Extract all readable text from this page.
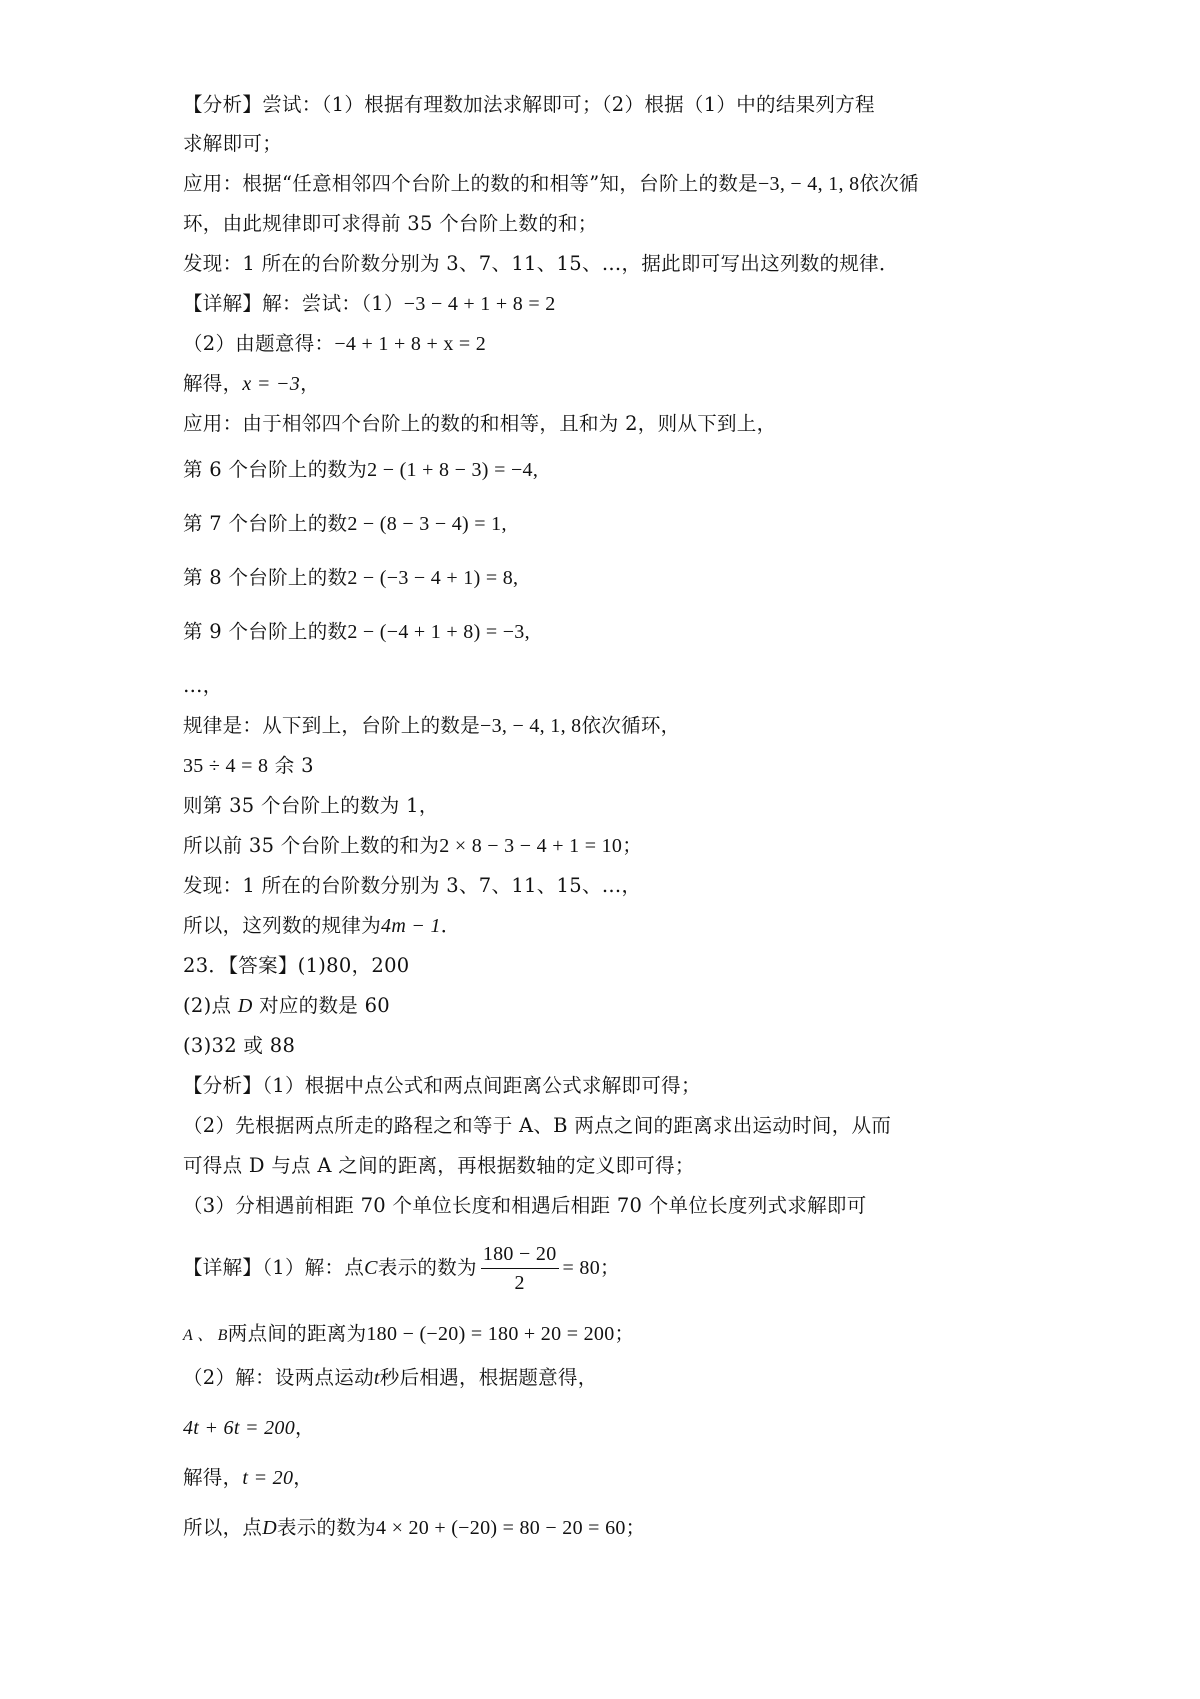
【分析】尝试：（1）根据有理数加法求解即可；（2）根据（1）中的结果列方程
求解即可；
应用：根据“任意相邻四个台阶上的数的和相等”知，台阶上的数是−3, − 4, 1, 8依次循
环，由此规律即可求得前 35 个台阶上数的和；
发现：1 所在的台阶数分别为 3、7、11、15、…，据此即可写出这列数的规律．
【详解】解：尝试：（1）−3 − 4 + 1 + 8 = 2
（2）由题意得：−4 + 1 + 8 + x = 2
解得，x = −3，
应用：由于相邻四个台阶上的数的和相等，且和为 2，则从下到上，
第 6 个台阶上的数为2 − (1 + 8 − 3) = −4,
第 7 个台阶上的数2 − (8 − 3 − 4) = 1,
第 8 个台阶上的数2 − (−3 − 4 + 1) = 8,
第 9 个台阶上的数2 − (−4 + 1 + 8) = −3,
…，
规律是：从下到上，台阶上的数是−3, − 4, 1, 8依次循环，
35 ÷ 4 = 8 余 3
则第 35 个台阶上的数为 1，
所以前 35 个台阶上数的和为2 × 8 − 3 − 4 + 1 = 10；
发现：1 所在的台阶数分别为 3、7、11、15、…，
所以，这列数的规律为4m − 1．
23．【答案】(1)80，200
(2)点 D 对应的数是 60
(3)32 或 88
【分析】（1）根据中点公式和两点间距离公式求解即可得；
（2）先根据两点所走的路程之和等于 A、B 两点之间的距离求出运动时间，从而
可得点 D 与点 A 之间的距离，再根据数轴的定义即可得；
（3）分相遇前相距 70 个单位长度和相遇后相距 70 个单位长度列式求解即可
【详解】（1）解：点C表示的数为 $\frac{180 - 20}{2} = 80$；
A 、 B两点间的距离为180 − (−20) = 180 + 20 = 200；
（2）解：设两点运动t秒后相遇，根据题意得，
4t + 6t = 200，
解得，t = 20，
所以，点D表示的数为4 × 20 + (−20) = 80 − 20 = 60；
